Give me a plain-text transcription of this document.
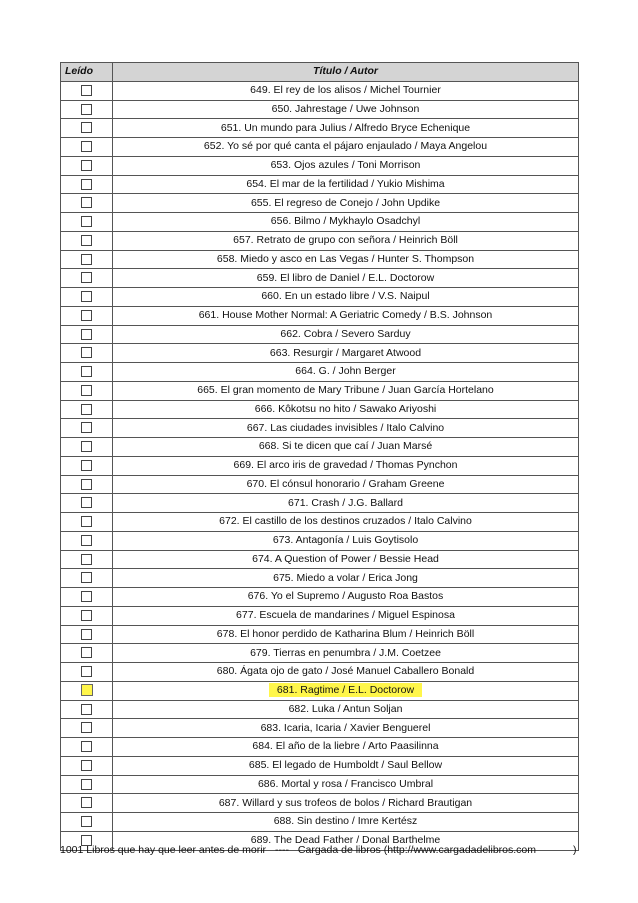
Leído	Título / Autor
	649. El rey de los alisos / Michel Tournier
	650. Jahrestage / Uwe Johnson
	651. Un mundo para Julius / Alfredo Bryce Echenique
	652. Yo sé por qué canta el pájaro enjaulado / Maya Angelou
	653. Ojos azules / Toni Morrison
	654. El mar de la fertilidad / Yukio Mishima
	655. El regreso de Conejo / John Updike
	656. Bilmo / Mykhaylo Osadchyl
	657. Retrato de grupo con señora / Heinrich Böll
	658. Miedo y asco en Las Vegas / Hunter S. Thompson
	659. El libro de Daniel / E.L. Doctorow
	660. En un estado libre / V.S. Naipul
	661. House Mother Normal: A Geriatric Comedy / B.S. Johnson
	662. Cobra / Severo Sarduy
	663. Resurgir / Margaret Atwood
	664. G. / John Berger
	665. El gran momento de Mary Tribune / Juan García Hortelano
	666. Kôkotsu no hito / Sawako Ariyoshi
	667. Las ciudades invisibles / Italo Calvino
	668. Si te dicen que caí / Juan Marsé
	669. El arco iris de gravedad / Thomas Pynchon
	670. El cónsul honorario / Graham Greene
	671. Crash / J.G. Ballard
	672. El castillo de los destinos cruzados / Italo Calvino
	673. Antagonía / Luis Goytisolo
	674. A Question of Power / Bessie Head
	675. Miedo a volar / Erica Jong
	676. Yo el Supremo / Augusto Roa Bastos
	677. Escuela de mandarines / Miguel Espinosa
	678. El honor perdido de Katharina Blum / Heinrich Böll
	679. Tierras en penumbra / J.M. Coetzee
	680. Ágata ojo de gato / José Manuel Caballero Bonald
	681. Ragtime / E.L. Doctorow
	682. Luka / Antun Soljan
	683. Icaria, Icaria / Xavier Benguerel
	684. El año de la liebre / Arto Paasilinna
	685. El legado de Humboldt / Saul Bellow
	686. Mortal y rosa / Francisco Umbral
	687. Willard y sus trofeos de bolos / Richard Brautigan
	688. Sin destino / Imre Kertész
	689. The Dead Father / Donal Barthelme
1001 Libros que hay que leer antes de morir ---- Cargada de libros (http://www.cargadadelibros.com	)
